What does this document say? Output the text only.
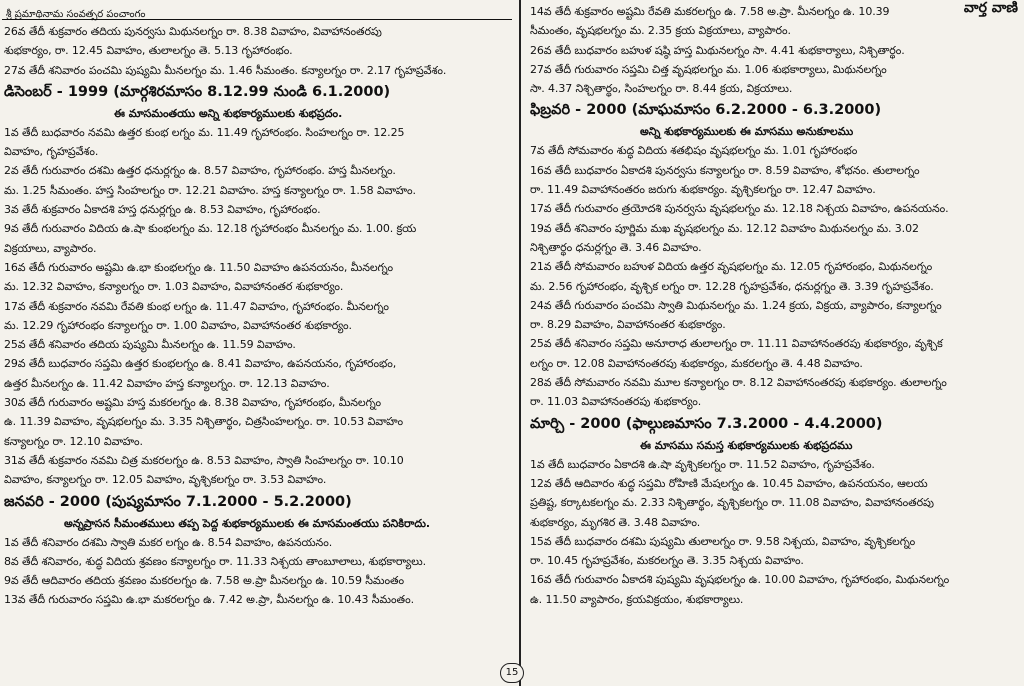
శ్రీ ప్రమాథినామ సంవత్సర పంచాంగం	వార్త వాణి
26వ తేదీ శుక్రవారం తదియ పునర్వసు మిథునలగ్నం రా. 8.38 వివాహం, వివాహానంతరపు
శుభకార్యం, రా. 12.45 వివాహం, తులాలగ్నం తె. 5.13 గృహారంభం.
27వ తేదీ శనివారం పంచమి పుష్యమి మీనలగ్నం మ. 1.46 సీమంతం. కన్యాలగ్నం రా. 2.17 గృహప్రవేశం.
డిసెంబర్ - 1999 (మార్గశిరమాసం 8.12.99 నుండి 6.1.2000)
ఈ మాసమంతయు అన్ని శుభకార్యములకు శుభప్రదం.
1వ తేదీ బుధవారం నవమి ఉత్తర కుంభ లగ్నం మ. 11.49 గృహారంభం. సింహలగ్నం రా. 12.25
వివాహం, గృహప్రవేశం.
2వ తేదీ గురువారం దశమి ఉత్తర ధనుర్లగ్నం ఉ. 8.57 వివాహం, గృహారంభం. హస్త మీనలగ్నం.
మ. 1.25 సీమంతం. హస్త సింహలగ్నం రా. 12.21 వివాహం. హస్త కన్యాలగ్నం రా. 1.58 వివాహం.
3వ తేదీ శుక్రవారం ఏకాదశి హస్త ధనుర్లగ్నం ఉ. 8.53 వివాహం, గృహారంభం.
9వ తేదీ గురువారం విదియ ఉ.షా కుంభలగ్నం మ. 12.18 గృహారంభం మీనలగ్నం మ. 1.00. క్రయ
విక్రయాలు, వ్యాపారం.
16వ తేదీ గురువారం అష్టమి ఉ.భా కుంభలగ్నం ఉ. 11.50 వివాహం ఉపనయనం, మీనలగ్నం
మ. 12.32 వివాహం, కన్యాలగ్నం రా. 1.03 వివాహం, వివాహానంతర శుభకార్యం.
17వ తేదీ శుక్రవారం నవమి రేవతి కుంభ లగ్నం ఉ. 11.47 వివాహం, గృహారంభం. మీనలగ్నం
మ. 12.29 గృహారంభం కన్యాలగ్నం రా. 1.00 వివాహం, వివాహానంతర శుభకార్యం.
25వ తేదీ శనివారం తదియ పుష్యమి మీనలగ్నం ఉ. 11.59 వివాహం.
29వ తేదీ బుధవారం సప్తమి ఉత్తర కుంభలగ్నం ఉ. 8.41 వివాహం, ఉపనయనం, గృహారంభం,
ఉత్తర మీనలగ్నం ఉ. 11.42 వివాహం హస్త కన్యాలగ్నం. రా. 12.13 వివాహం.
30వ తేదీ గురువారం అష్టమి హస్త మకరలగ్నం ఉ. 8.38 వివాహం, గృహారంభం, మీనలగ్నం
ఉ. 11.39 వివాహం, వృషభలగ్నం మ. 3.35 నిశ్చితార్థం, చిత్రసింహలగ్నం. రా. 10.53 వివాహం
కన్యాలగ్నం రా. 12.10 వివాహం.
31వ తేదీ శుక్రవారం నవమి చిత్ర మకరలగ్నం ఉ. 8.53 వివాహం, స్వాతి సింహలగ్నం రా. 10.10
వివాహం, కన్యాలగ్నం రా. 12.05 వివాహం, వృశ్చికలగ్నం రా. 3.53 వివాహం.
జనవరి - 2000 (పుష్యమాసం 7.1.2000 - 5.2.2000)
అన్నప్రాసన సీమంతములు తప్ప పెద్ద శుభకార్యములకు ఈ మాసమంతయు పనికిరాదు.
1వ తేదీ శనివారం దశమి స్వాతి మకర లగ్నం ఉ. 8.54 వివాహం, ఉపనయనం.
8వ తేదీ శనివారం, శుద్ధ విదియ శ్రవణం కన్యాలగ్నం రా. 11.33 నిశ్చయ తాంబూలాలు, శుభకార్యాలు.
9వ తేదీ ఆదివారం తదియ శ్రవణం మకరలగ్నం ఉ. 7.58 అ.ప్రా మీనలగ్నం ఉ. 10.59 సీమంతం
13వ తేదీ గురువారం సప్తమి ఉ.భా మకరలగ్నం ఉ. 7.42 అ.ప్రా, మీనలగ్నం ఉ. 10.43 సీమంతం.
14వ తేదీ శుక్రవారం అష్టమి రేవతి మకరలగ్నం ఉ. 7.58 అ.ప్రా. మీనలగ్నం ఉ. 10.39
సీమంతం, వృషభలగ్నం మ. 2.35 క్రయ విక్రయాలు, వ్యాపారం.
26వ తేదీ బుధవారం బహుళ షష్ఠి హస్త మిథునలగ్నం సా. 4.41 శుభకార్యాలు, నిశ్చితార్థం.
27వ తేదీ గురువారం సప్తమి చిత్త వృషభలగ్నం మ. 1.06 శుభకార్యాలు, మిథునలగ్నం
సా. 4.37 నిశ్చితార్థం, సింహలగ్నం రా. 8.44 క్రయ, విక్రయాలు.
ఫిబ్రవరి - 2000 (మాఘమాసం 6.2.2000 - 6.3.2000)
అన్ని శుభకార్యములకు ఈ మాసము అనుకూలము
7వ తేదీ సోమవారం శుద్ధ విదియ శతభిషం వృషభలగ్నం మ. 1.01 గృహారంభం
16వ తేదీ బుధవారం ఏకాదశి పునర్వసు కన్యాలగ్నం రా. 8.59 వివాహం, శోభనం. తులాలగ్నం
రా. 11.49 వివాహానంతరం జరుగు శుభకార్యం. వృశ్చికలగ్నం రా. 12.47 వివాహం.
17వ తేదీ గురువారం త్రయోదశి పునర్వసు వృషభలగ్నం మ. 12.18 నిశ్చయ వివాహం, ఉపనయనం.
19వ తేదీ శనివారం పూర్ణిమ మఖ వృషభలగ్నం మ. 12.12 వివాహం మిథునలగ్నం మ. 3.02
నిశ్చితార్థం ధనుర్లగ్నం తె. 3.46 వివాహం.
21వ తేదీ సోమవారం బహుళ విదియ ఉత్తర వృషభలగ్నం మ. 12.05 గృహారంభం, మిథునలగ్నం
మ. 2.56 గృహారంభం, వృశ్చిక లగ్నం రా. 12.28 గృహప్రవేశం, ధనుర్లగ్నం తె. 3.39 గృహప్రవేశం.
24వ తేదీ గురువారం పంచమి స్వాతి మిథునలగ్నం మ. 1.24 క్రయ, విక్రయ, వ్యాపారం, కన్యాలగ్నం
రా. 8.29 వివాహం, వివాహానంతర శుభకార్యం.
25వ తేదీ శనివారం సప్తమి అనూరాధ తులాలగ్నం రా. 11.11 వివాహానంతరపు శుభకార్యం, వృశ్చిక
లగ్నం రా. 12.08 వివాహానంతరపు శుభకార్యం, మకరలగ్నం తె. 4.48 వివాహం.
28వ తేదీ సోమవారం నవమి మూల కన్యాలగ్నం రా. 8.12 వివాహానంతరపు శుభకార్యం. తులాలగ్నం
రా. 11.03 వివాహానంతరపు శుభకార్యం.
మార్చి - 2000 (ఫాల్గుణమాసం 7.3.2000 - 4.4.2000)
ఈ మాసము సమస్త శుభకార్యములకు శుభప్రదము
1వ తేదీ బుధవారం ఏకాదశి ఉ.షా వృశ్చికలగ్నం రా. 11.52 వివాహం, గృహప్రవేశం.
12వ తేదీ ఆదివారం శుద్ధ సప్తమి రోహిణి మేషలగ్నం ఉ. 10.45 వివాహం, ఉపనయనం, ఆలయ
ప్రతిష్ట, కర్కాటకలగ్నం మ. 2.33 నిశ్చితార్థం, వృశ్చికలగ్నం రా. 11.08 వివాహం, వివాహానంతరపు
శుభకార్యం, మృగశిర తె. 3.48 వివాహం.
15వ తేదీ బుధవారం దశమి పుష్యమి తులాలగ్నం రా. 9.58 నిశ్చయ, వివాహం, వృశ్చికలగ్నం
రా. 10.45 గృహప్రవేశం, మకరలగ్నం తె. 3.35 నిశ్చయ వివాహం.
16వ తేదీ గురువారం ఏకాదశి పుష్యమి వృషభలగ్నం ఉ. 10.00 వివాహం, గృహారంభం, మిథునలగ్నం
ఉ. 11.50 వ్యాపారం, క్రయవిక్రయం, శుభకార్యాలు.
15
